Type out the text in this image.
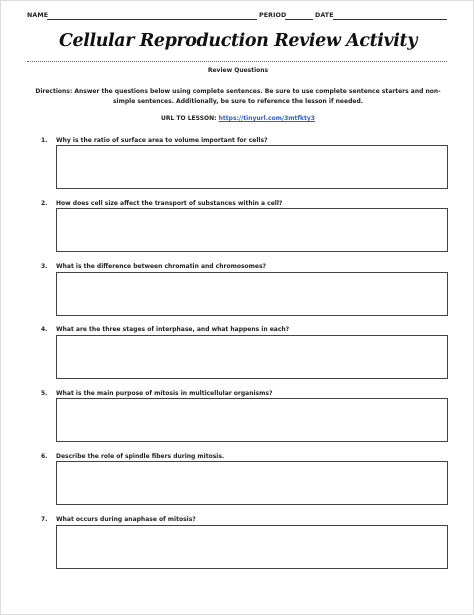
NAME	PERIOD	DATE
Cellular Reproduction Review Activity
Review Questions
Directions: Answer the questions below using complete sentences. Be sure to use complete sentence starters and non-simple sentences. Additionally, be sure to reference the lesson if needed.
URL TO LESSON: https://tinyurl.com/3mtfkty3
1. Why is the ratio of surface area to volume important for cells?
2. How does cell size affect the transport of substances within a cell?
3. What is the difference between chromatin and chromosomes?
4. What are the three stages of interphase, and what happens in each?
5. What is the main purpose of mitosis in multicellular organisms?
6. Describe the role of spindle fibers during mitosis.
7. What occurs during anaphase of mitosis?
